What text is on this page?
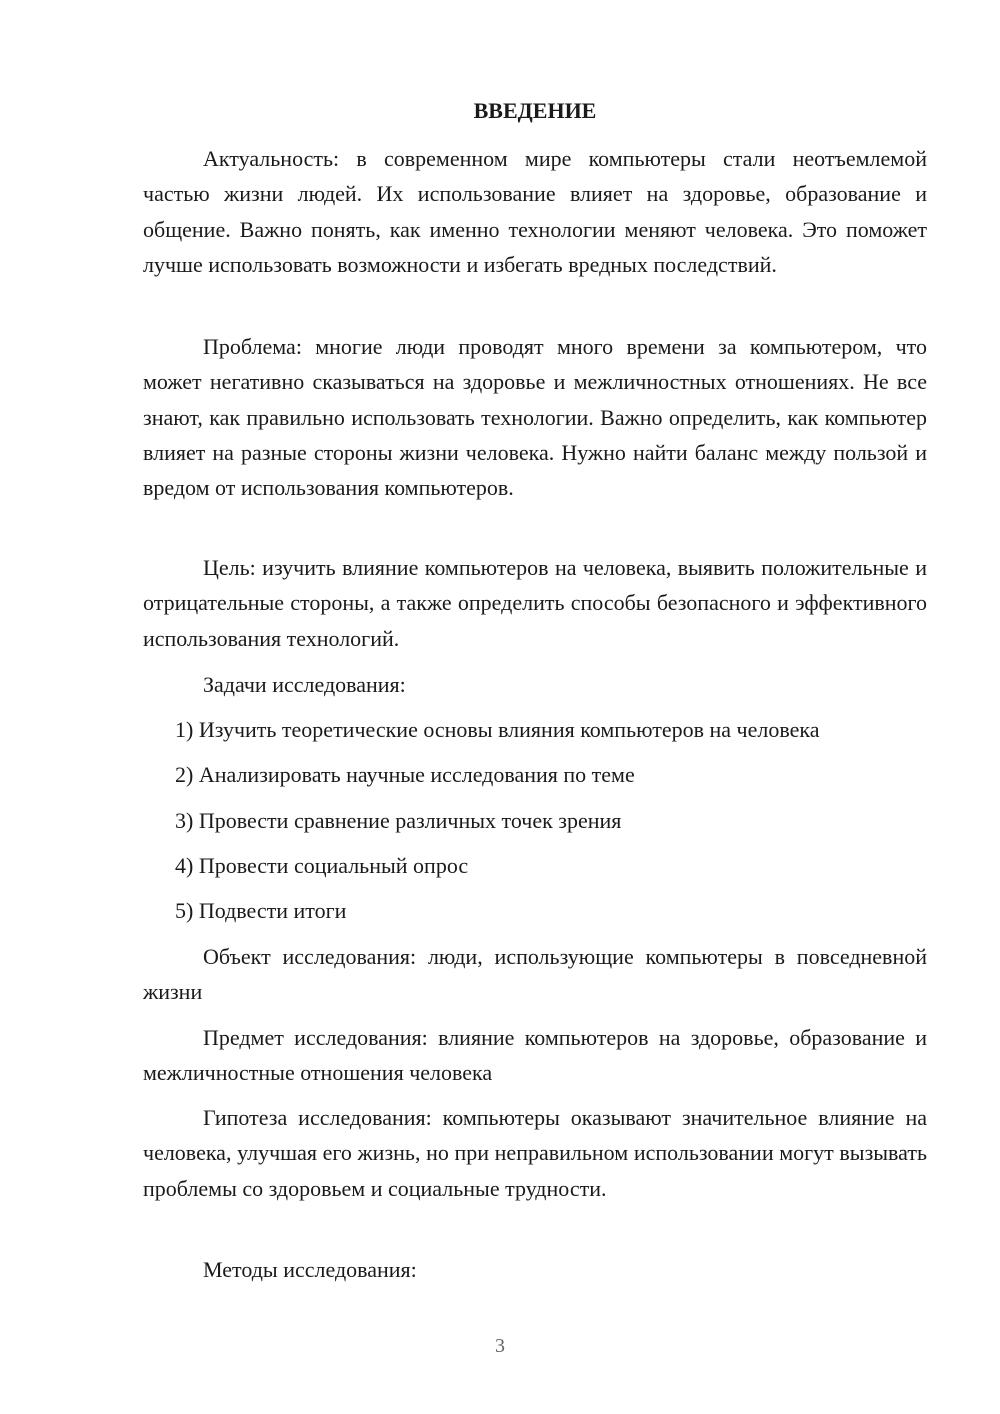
ВВЕДЕНИЕ

Актуальность: в современном мире компьютеры стали неотъемлемой частью жизни людей. Их использование влияет на здоровье, образование и общение. Важно понять, как именно технологии меняют человека. Это поможет лучше использовать возможности и избегать вредных последствий.

Проблема: многие люди проводят много времени за компьютером, что может негативно сказываться на здоровье и межличностных отношениях. Не все знают, как правильно использовать технологии. Важно определить, как компьютер влияет на разные стороны жизни человека. Нужно найти баланс между пользой и вредом от использования компьютеров.

Цель: изучить влияние компьютеров на человека, выявить положительные и отрицательные стороны, а также определить способы безопасного и эффективного использования технологий.

Задачи исследования:

1) Изучить теоретические основы влияния компьютеров на человека

2) Анализировать научные исследования по теме

3) Провести сравнение различных точек зрения

4) Провести социальный опрос

5) Подвести итоги

Объект исследования: люди, использующие компьютеры в повседневной жизни

Предмет исследования: влияние компьютеров на здоровье, образование и межличностные отношения человека

Гипотеза исследования: компьютеры оказывают значительное влияние на человека, улучшая его жизнь, но при неправильном использовании могут вызывать проблемы со здоровьем и социальные трудности.

Методы исследования:

3
